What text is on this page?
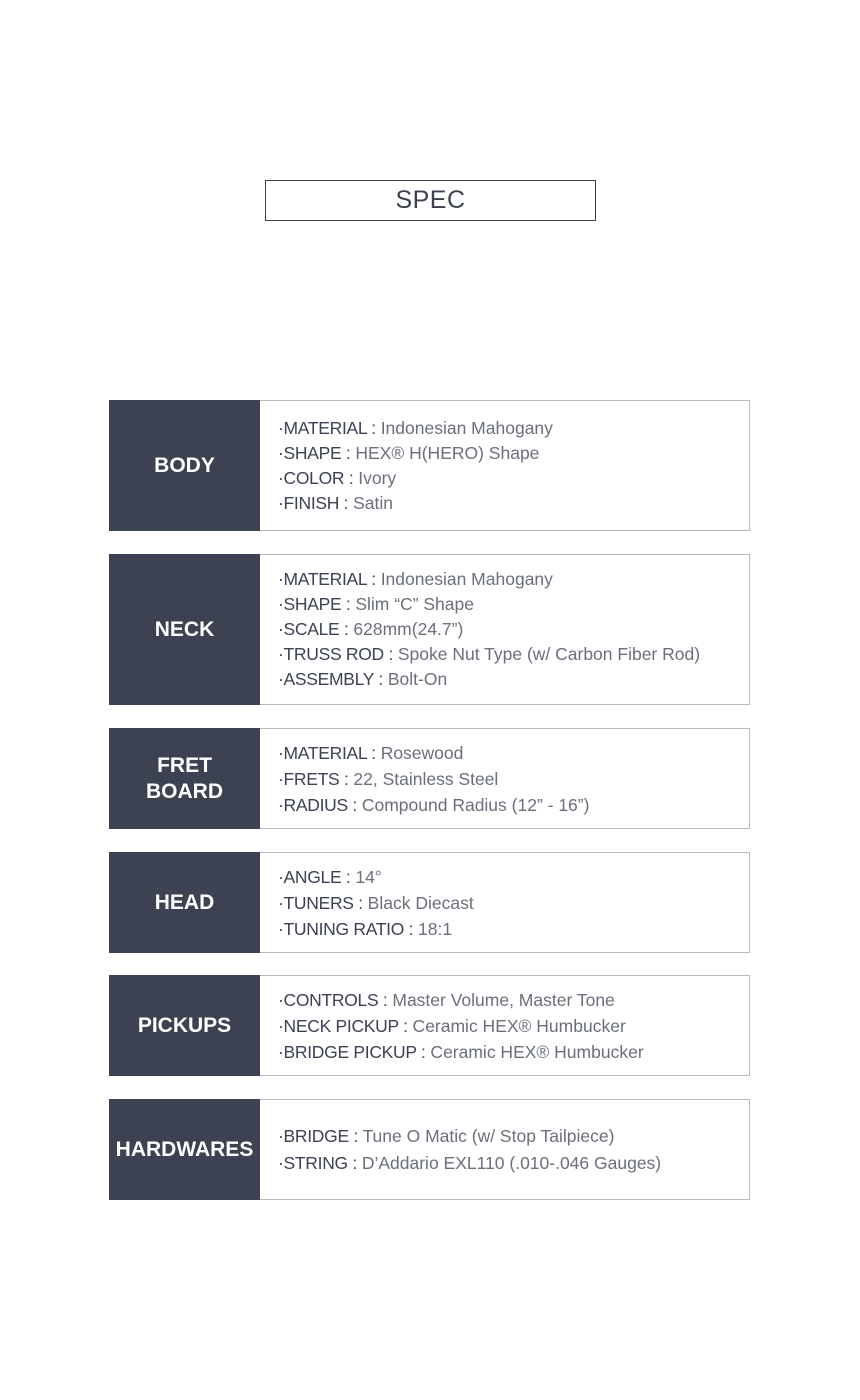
SPEC
BODY
·MATERIAL : Indonesian Mahogany
·SHAPE : HEX® H(HERO) Shape
·COLOR : Ivory
·FINISH : Satin
NECK
·MATERIAL : Indonesian Mahogany
·SHAPE : Slim “C” Shape
·SCALE : 628mm(24.7”)
·TRUSS ROD : Spoke Nut Type (w/ Carbon Fiber Rod)
·ASSEMBLY : Bolt-On
FRET
BOARD
·MATERIAL : Rosewood
·FRETS : 22, Stainless Steel
·RADIUS : Compound Radius (12” - 16”)
HEAD
·ANGLE : 14°
·TUNERS : Black Diecast
·TUNING RATIO : 18:1
PICKUPS
·CONTROLS : Master Volume, Master Tone
·NECK PICKUP : Ceramic HEX® Humbucker
·BRIDGE PICKUP : Ceramic HEX® Humbucker
HARDWARES
·BRIDGE : Tune O Matic (w/ Stop Tailpiece)
·STRING : D’Addario EXL110 (.010-.046 Gauges)
